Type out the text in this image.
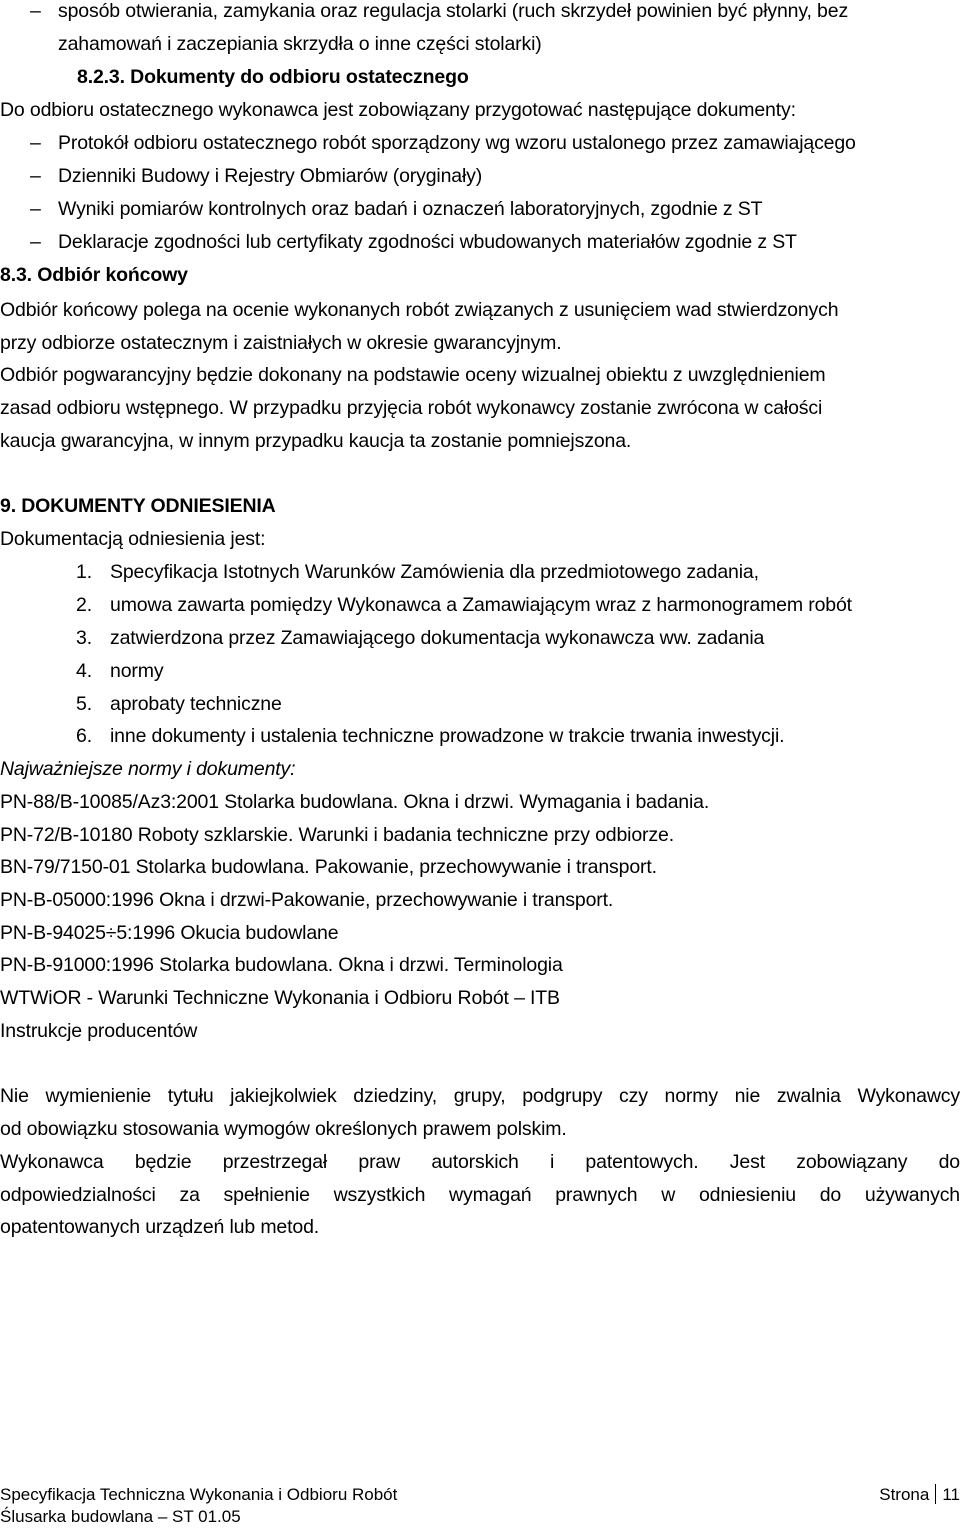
–sposób otwierania, zamykania oraz regulacja stolarki (ruch skrzydeł powinien być płynny, bez
zahamowań i zaczepiania skrzydła o inne części stolarki)
8.2.3. Dokumenty do odbioru ostatecznego
Do odbioru ostatecznego wykonawca jest zobowiązany przygotować następujące dokumenty:
–Protokół odbioru ostatecznego robót sporządzony wg wzoru ustalonego przez zamawiającego
–Dzienniki Budowy i Rejestry Obmiarów (oryginały)
–Wyniki pomiarów kontrolnych oraz badań i oznaczeń laboratoryjnych, zgodnie z ST
–Deklaracje zgodności lub certyfikaty zgodności wbudowanych materiałów zgodnie z ST
8.3. Odbiór końcowy
Odbiór końcowy polega na ocenie wykonanych robót związanych z usunięciem wad stwierdzonych
przy odbiorze ostatecznym i zaistniałych w okresie gwarancyjnym.
Odbiór pogwarancyjny będzie dokonany na podstawie oceny wizualnej obiektu z uwzględnieniem
zasad odbioru wstępnego. W przypadku przyjęcia robót wykonawcy zostanie zwrócona w całości
kaucja gwarancyjna, w innym przypadku kaucja ta zostanie pomniejszona.
9. DOKUMENTY ODNIESIENIA
Dokumentacją odniesienia jest:
1. Specyfikacja Istotnych Warunków Zamówienia dla przedmiotowego zadania,
2. umowa zawarta pomiędzy Wykonawca a Zamawiającym wraz z harmonogramem robót
3. zatwierdzona przez Zamawiającego dokumentacja wykonawcza ww. zadania
4. normy
5. aprobaty techniczne
6. inne dokumenty i ustalenia techniczne prowadzone w trakcie trwania inwestycji.
Najważniejsze normy i dokumenty:
PN-88/B-10085/Az3:2001 Stolarka budowlana. Okna i drzwi. Wymagania i badania.
PN-72/B-10180 Roboty szklarskie. Warunki i badania techniczne przy odbiorze.
BN-79/7150-01 Stolarka budowlana. Pakowanie, przechowywanie i transport.
PN-B-05000:1996 Okna i drzwi-Pakowanie, przechowywanie i transport.
PN-B-94025÷5:1996 Okucia budowlane
PN-B-91000:1996 Stolarka budowlana. Okna i drzwi. Terminologia
WTWiOR - Warunki Techniczne Wykonania i Odbioru Robót – ITB
Instrukcje producentów
Nie wymienienie tytułu jakiejkolwiek dziedziny, grupy, podgrupy czy normy nie zwalnia Wykonawcy
od obowiązku stosowania wymogów określonych prawem polskim.
Wykonawca będzie przestrzegał praw autorskich i patentowych. Jest zobowiązany do
odpowiedzialności za spełnienie wszystkich wymagań prawnych w odniesieniu do używanych
opatentowanych urządzeń lub metod.
Specyfikacja Techniczna Wykonania i Odbioru Robót
Ślusarka budowlana – ST 01.05
Strona 11
